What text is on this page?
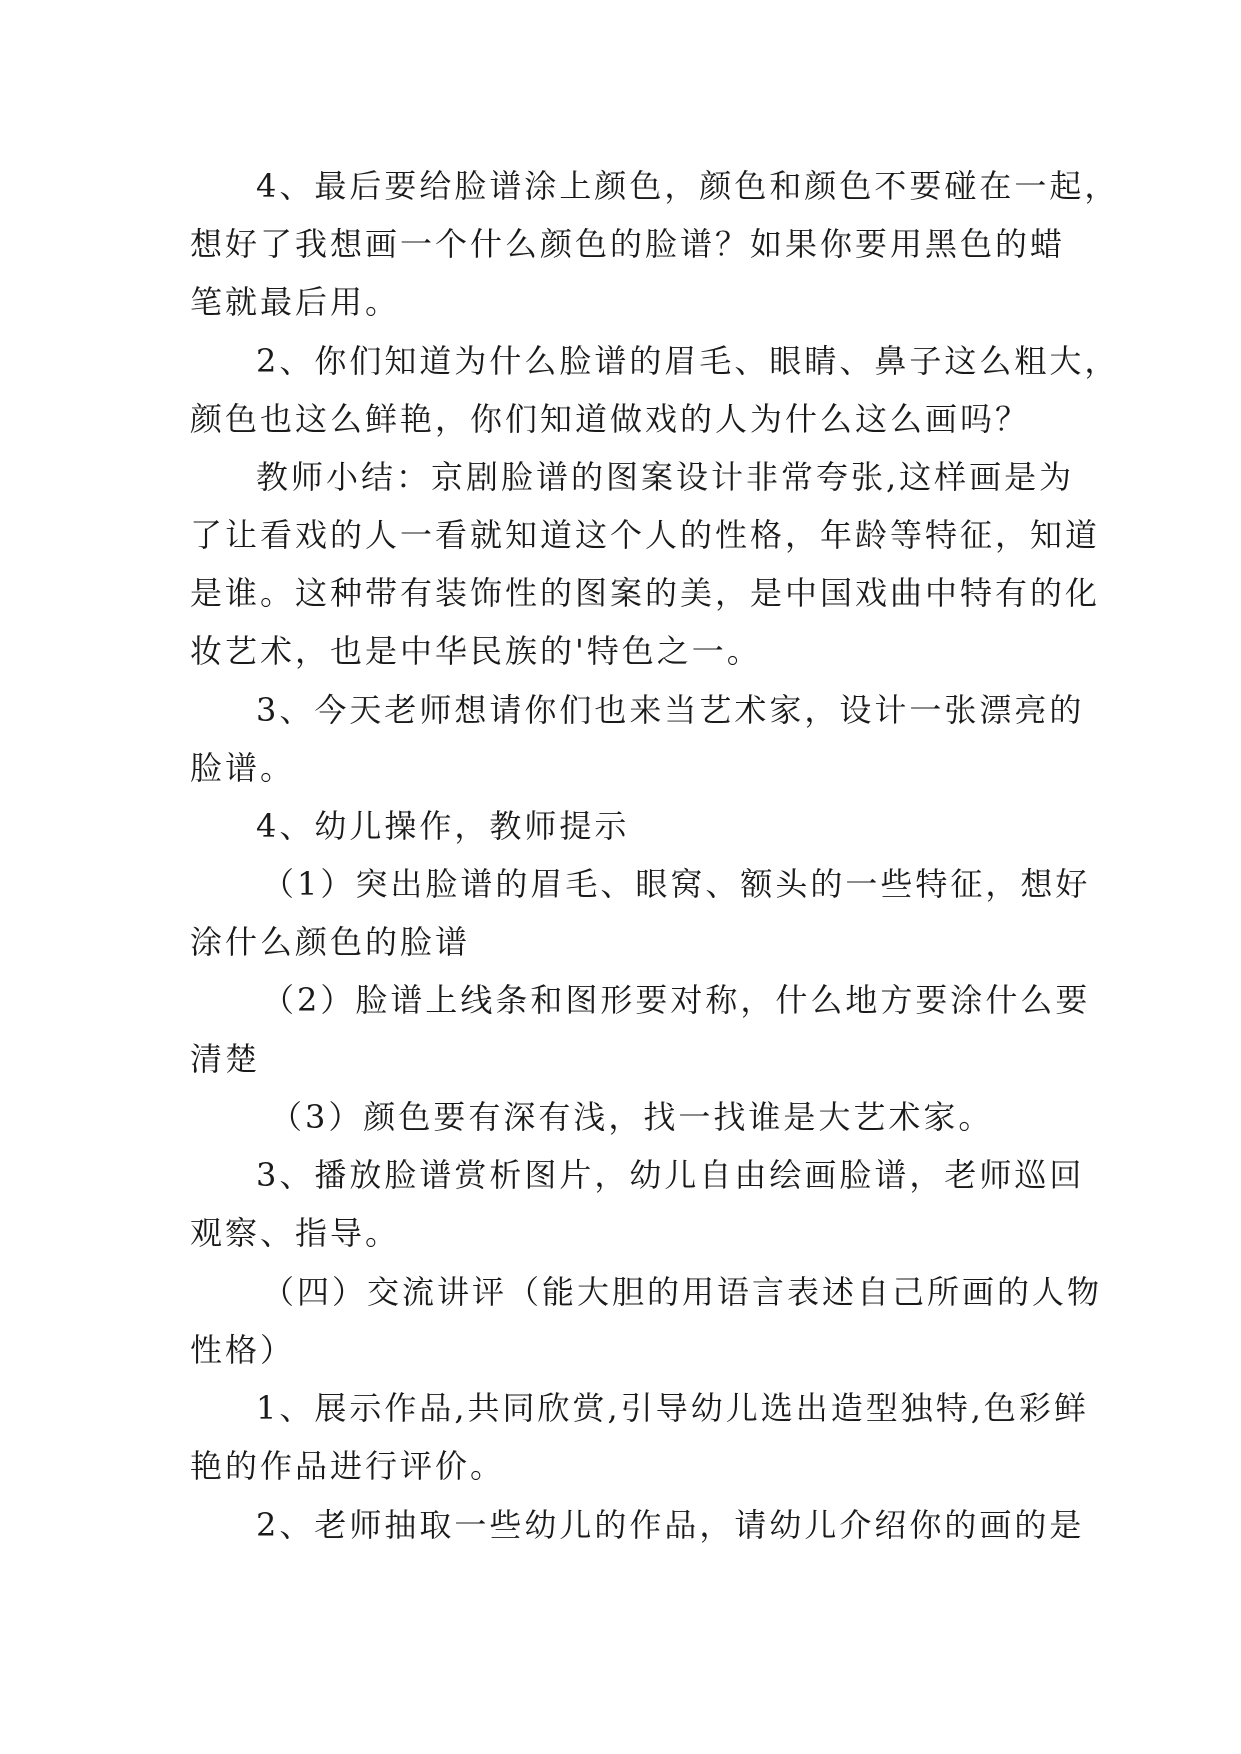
4、最后要给脸谱涂上颜色，颜色和颜色不要碰在一起，
想好了我想画一个什么颜色的脸谱？如果你要用黑色的蜡
笔就最后用。
2、你们知道为什么脸谱的眉毛、眼睛、鼻子这么粗大，
颜色也这么鲜艳，你们知道做戏的人为什么这么画吗？
教师小结：京剧脸谱的图案设计非常夸张,这样画是为
了让看戏的人一看就知道这个人的性格，年龄等特征，知道
是谁。这种带有装饰性的图案的美，是中国戏曲中特有的化
妆艺术，也是中华民族的'特色之一。
3、今天老师想请你们也来当艺术家，设计一张漂亮的
脸谱。
4、幼儿操作，教师提示
（1）突出脸谱的眉毛、眼窝、额头的一些特征，想好
涂什么颜色的脸谱
（2）脸谱上线条和图形要对称，什么地方要涂什么要
清楚
（3）颜色要有深有浅，找一找谁是大艺术家。
3、播放脸谱赏析图片，幼儿自由绘画脸谱，老师巡回
观察、指导。
（四）交流讲评（能大胆的用语言表述自己所画的人物
性格）
1、展示作品,共同欣赏,引导幼儿选出造型独特,色彩鲜
艳的作品进行评价。
2、老师抽取一些幼儿的作品，请幼儿介绍你的画的是
